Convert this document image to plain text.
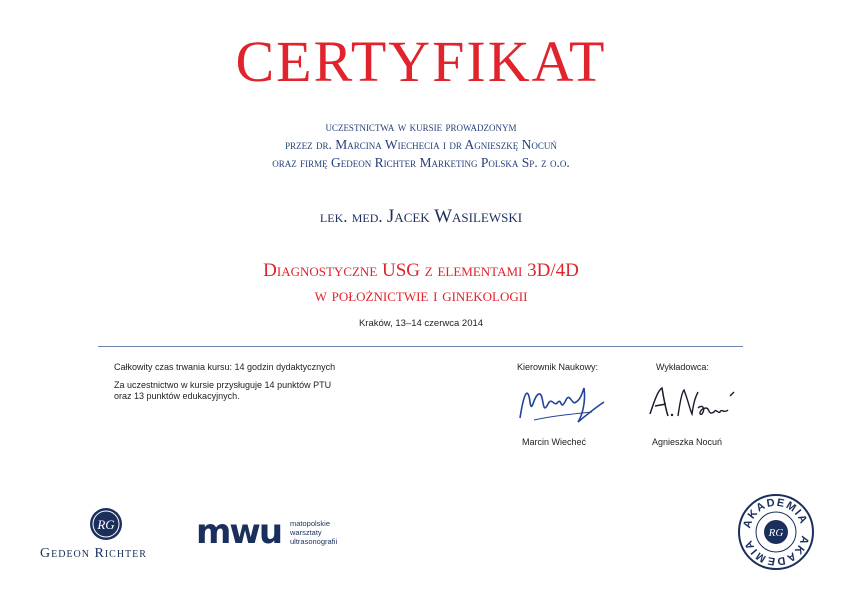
CERTYFIKAT
uczestnictwa w kursie prowadzonym
przez dr. Marcina Wiechecia i dr Agnieszkę Nocuń
oraz firmę Gedeon Richter Marketing Polska Sp. z o.o.
lek. med. Jacek Wasilewski
Diagnostyczne USG z elementami 3D/4D
w położnictwie i ginekologii
Kraków, 13–14 czerwca 2014
Całkowity czas trwania kursu: 14 godzin dydaktycznych
Za uczestnictwo w kursie przysługuje 14 punktów PTU
oraz 13 punktów edukacyjnych.
Kierownik Naukowy:
Marcin Wiecheć
Wykładowca:
Agnieszka Nocuń
RG
Gedeon Richter
mwu matopolskie
warsztaty
ultrasonografii
AKADEMIA
AKADEMIA
RG
